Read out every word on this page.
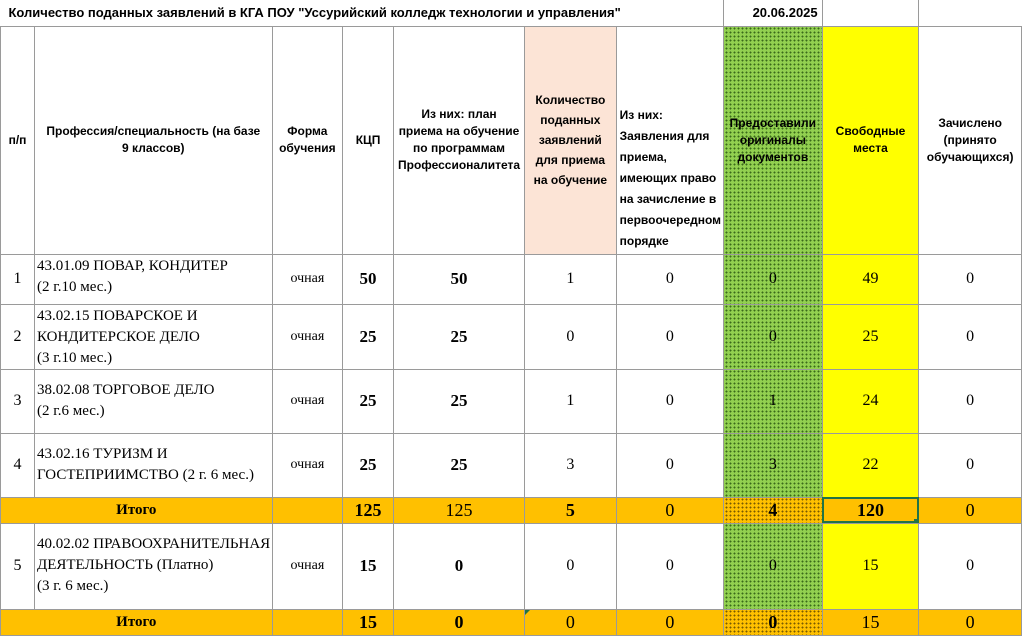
Количество поданных заявлений в КГА ПОУ "Уссурийский колледж технологии и управления"							20.06.2025		
п/п	Профессия/специальность (на базе 9 классов)	Форма обучения	КЦП	Из них: план приема на обучение по программам Профессионалитета	Количество поданных заявлений для приема на обучение	Из них: Заявления для приема, имеющих право на зачисление в первоочередном порядке	Предоставили оригиналы документов	Свободные места	Зачислено (принято обучающихся)
1	43.01.09 ПОВАР, КОНДИТЕР
(2 г.10 мес.)	очная	50	50	1	0	0	49	0
2	43.02.15 ПОВАРСКОЕ И
КОНДИТЕРСКОЕ ДЕЛО
(3 г.10 мес.)	очная	25	25	0	0	0	25	0
3	38.02.08 ТОРГОВОЕ ДЕЛО
(2 г.6 мес.)	очная	25	25	1	0	1	24	0
4	43.02.16 ТУРИЗМ И
ГОСТЕПРИИМСТВО (2 г. 6 мес.)	очная	25	25	3	0	3	22	0
Итого			125	125	5	0	4	120	0
5	40.02.02 ПРАВООХРАНИТЕЛЬНАЯ
ДЕЯТЕЛЬНОСТЬ (Платно)
(3 г. 6 мес.)	очная	15	0	0	0	0	15	0
Итого			15	0	0	0	0	15	0
